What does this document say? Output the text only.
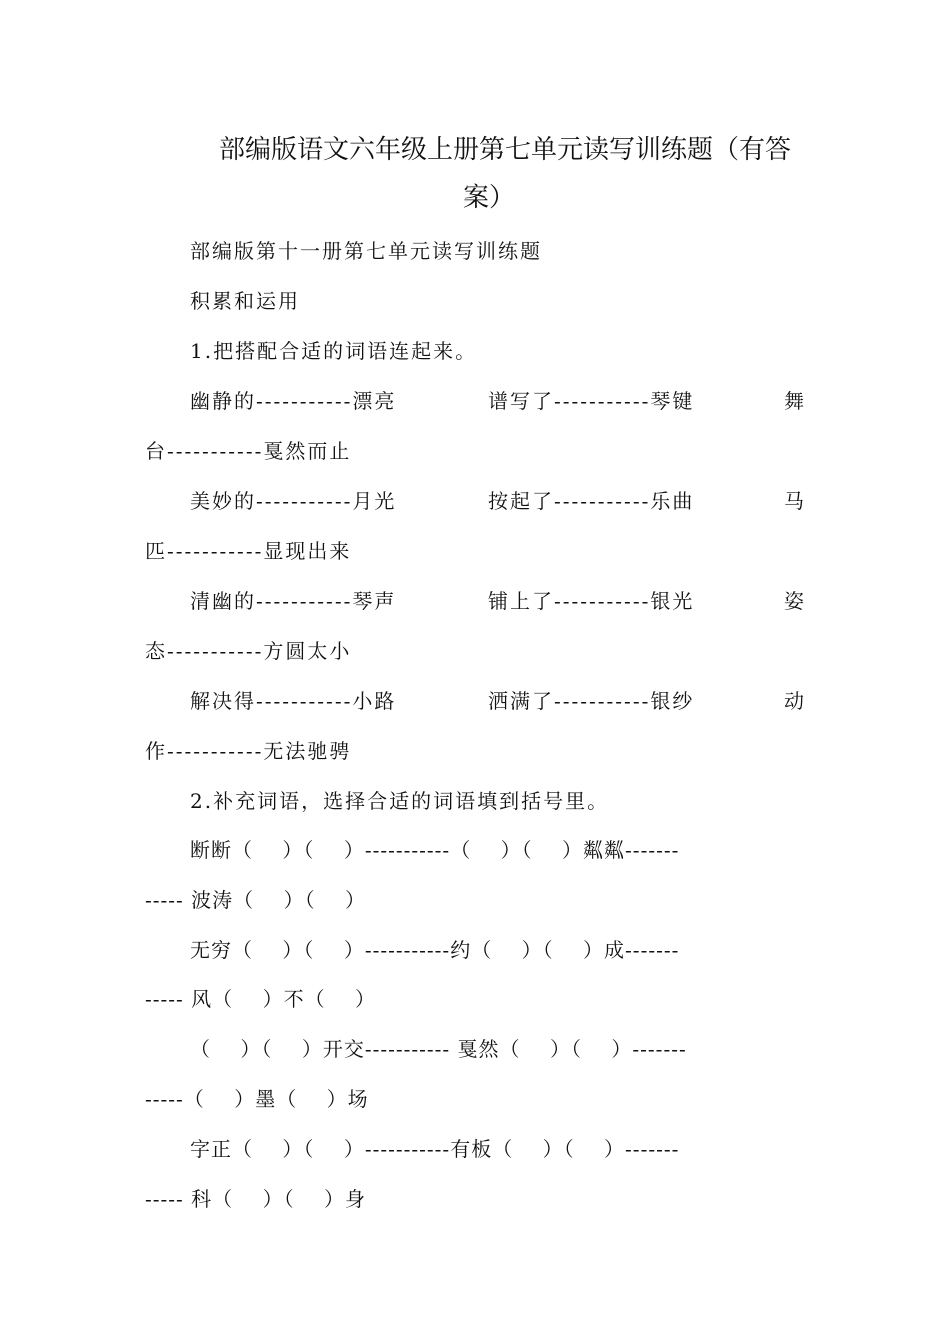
部编版语文六年级上册第七单元读写训练题（有答
案）
部编版第十一册第七单元读写训练题
积累和运用
1.把搭配合适的词语连起来。
幽静的-----------漂亮	谱写了-----------琴键	舞
台-----------戛然而止
美妙的-----------月光	按起了-----------乐曲	马
匹-----------显现出来
清幽的-----------琴声	铺上了-----------银光	姿
态-----------方圆太小
解决得-----------小路	洒满了-----------银纱	动
作-----------无法驰骋
2.补充词语，选择合适的词语填到括号里。
断断（    ）（    ）-----------（    ）（    ）粼粼-------
----- 波涛（    ）（    ）
无穷（    ）（    ）-----------约（    ）（    ）成-------
----- 风（    ）不（    ）
（    ）（    ）开交----------- 戛然（    ）（    ）-------
-----（    ）墨（    ）场
字正（    ）（    ）-----------有板（    ）（    ）-------
----- 科（    ）（    ）身
